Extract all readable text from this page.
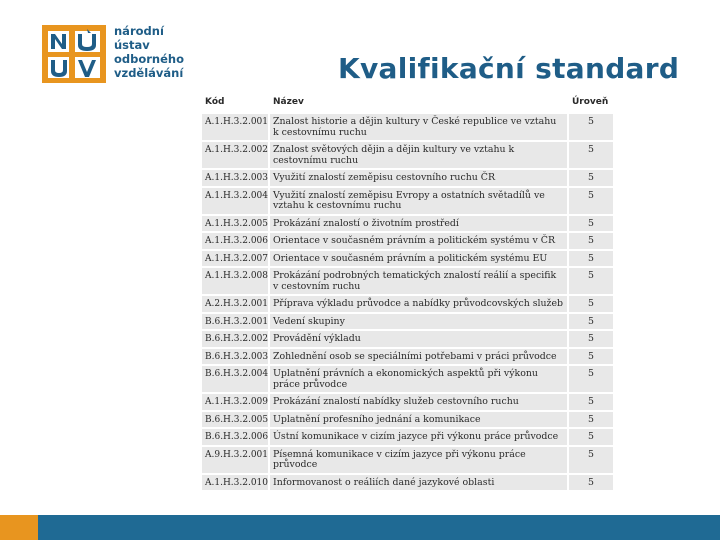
národní
ústav
odborného
vzdělávání	Kvalifikační standard
Kód	Název	Úroveň
A.1.H.3.2.001	Znalost historie a dějin kultury v České republice ve vztahu k cestovnímu ruchu	5
A.1.H.3.2.002	Znalost světových dějin a dějin kultury ve vztahu k cestovnímu ruchu	5
A.1.H.3.2.003	Využití znalostí zeměpisu cestovního ruchu ČR	5
A.1.H.3.2.004	Využití znalostí zeměpisu Evropy a ostatních světadílů ve vztahu k cestovnímu ruchu	5
A.1.H.3.2.005	Prokázání znalostí o životním prostředí	5
A.1.H.3.2.006	Orientace v současném právním a politickém systému v ČR	5
A.1.H.3.2.007	Orientace v současném právním a politickém systému EU	5
A.1.H.3.2.008	Prokázání podrobných tematických znalostí reálií a specifik v cestovním ruchu	5
A.2.H.3.2.001	Příprava výkladu průvodce a nabídky průvodcovských služeb	5
B.6.H.3.2.001	Vedení skupiny	5
B.6.H.3.2.002	Provádění výkladu	5
B.6.H.3.2.003	Zohlednění osob se speciálními potřebami v práci průvodce	5
B.6.H.3.2.004	Uplatnění právních a ekonomických aspektů při výkonu práce průvodce	5
A.1.H.3.2.009	Prokázání znalostí nabídky služeb cestovního ruchu	5
B.6.H.3.2.005	Uplatnění profesního jednání a komunikace	5
B.6.H.3.2.006	Ústní komunikace v cizím jazyce při výkonu práce průvodce	5
A.9.H.3.2.001	Písemná komunikace v cizím jazyce při výkonu práce průvodce	5
A.1.H.3.2.010	Informovanost o reáliích dané jazykové oblasti	5
